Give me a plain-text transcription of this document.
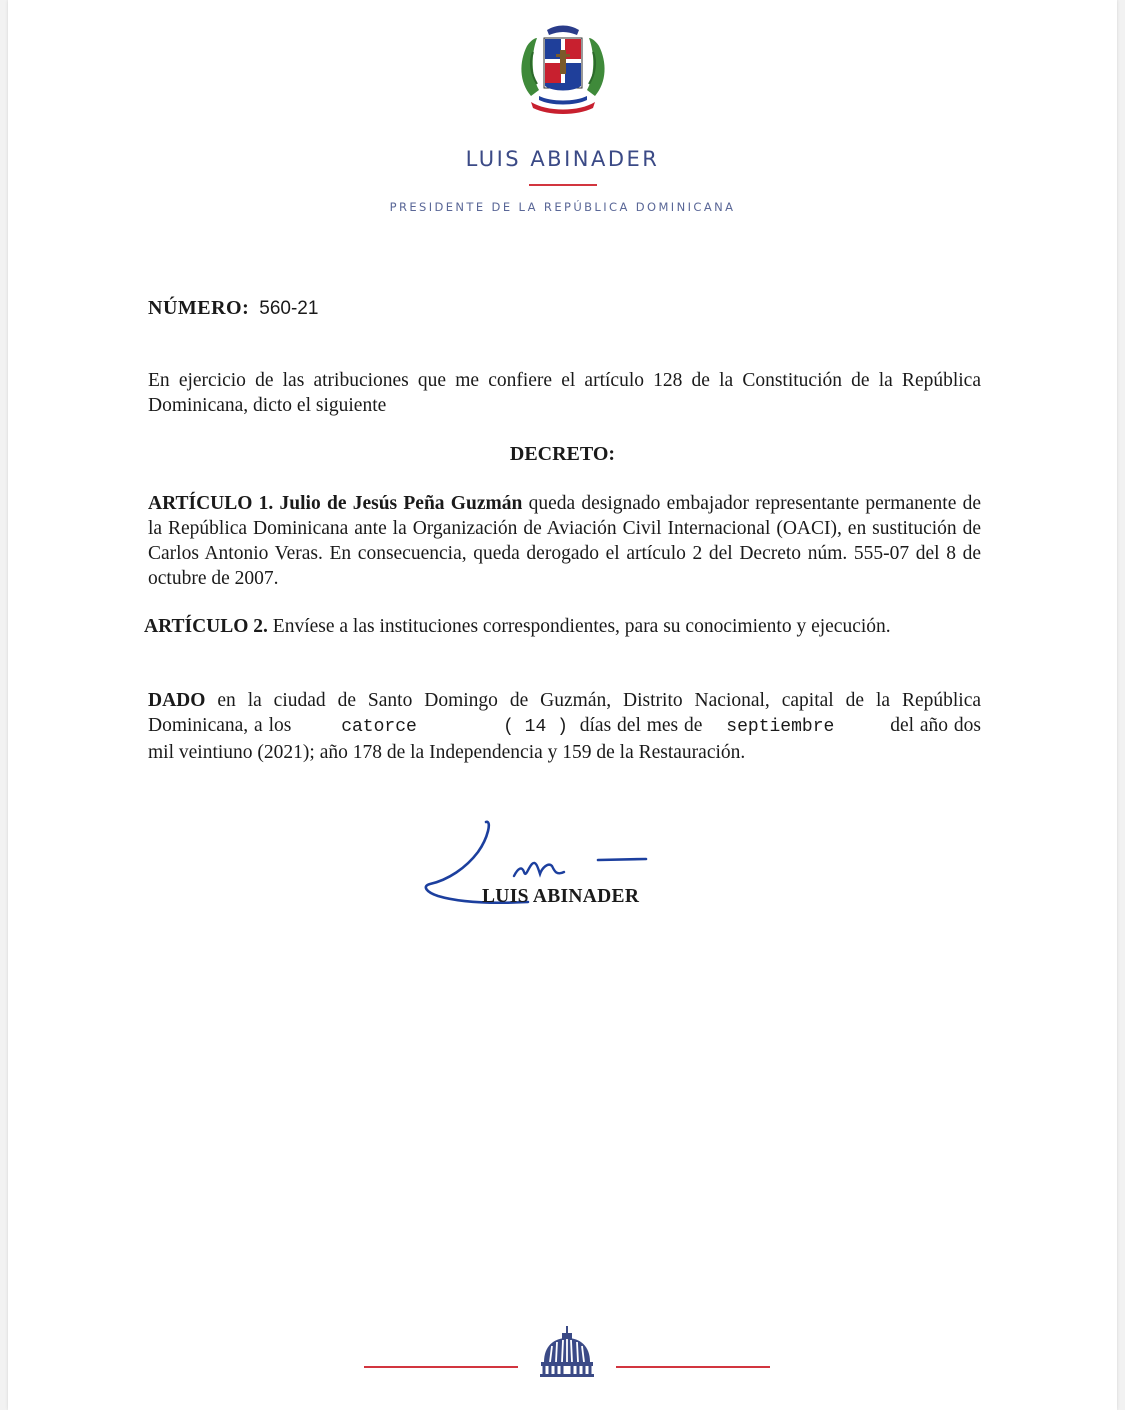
LUIS ABINADER
PRESIDENTE DE LA REPÚBLICA DOMINICANA
NÚMERO: 560-21
En ejercicio de las atribuciones que me confiere el artículo 128 de la Constitución de la República Dominicana, dicto el siguiente
DECRETO:
ARTÍCULO 1. Julio de Jesús Peña Guzmán queda designado embajador representante permanente de la República Dominicana ante la Organización de Aviación Civil Internacional (OACI), en sustitución de Carlos Antonio Veras. En consecuencia, queda derogado el artículo 2 del Decreto núm. 555-07 del 8 de octubre de 2007.
ARTÍCULO 2. Envíese a las instituciones correspondientes, para su conocimiento y ejecución.
DADO en la ciudad de Santo Domingo de Guzmán, Distrito Nacional, capital de la República Dominicana, a los	catorce	( 14 ) días del mes de septiembre	del año dos mil veintiuno (2021); año 178 de la Independencia y 159 de la Restauración.
LUIS ABINADER
